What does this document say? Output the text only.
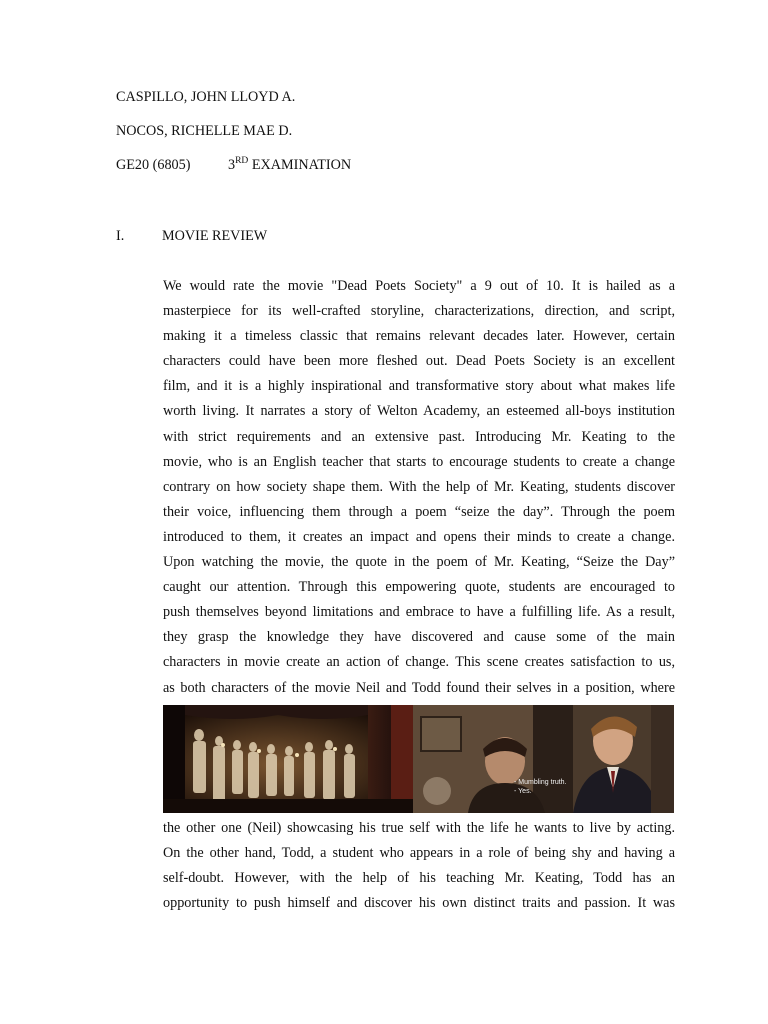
CASPILLO, JOHN LLOYD A.
NOCOS, RICHELLE MAE D.
GE20 (6805)	3RD EXAMINATION
I.	MOVIE REVIEW
We would rate the movie "Dead Poets Society" a 9 out of 10. It is hailed as a
masterpiece for its well-crafted storyline, characterizations, direction, and script,
making it a timeless classic that remains relevant decades later. However, certain
characters could have been more fleshed out. Dead Poets Society is an excellent
film, and it is a highly inspirational and transformative story about what makes life
worth living. It narrates a story of Welton Academy, an esteemed all-boys institution
with strict requirements and an extensive past. Introducing Mr. Keating to the
movie, who is an English teacher that starts to encourage students to create a change
contrary on how society shape them. With the help of Mr. Keating, students discover
their voice, influencing them through a poem “seize the day”. Through the poem
introduced to them, it creates an impact and opens their minds to create a change.
Upon watching the movie, the quote in the poem of Mr. Keating, “Seize the Day”
caught our attention. Through this empowering quote, students are encouraged to
push themselves beyond limitations and embrace to have a fulfilling life. As a result,
they grasp the knowledge they have discovered and cause some of the main
characters in movie create an action of change. This scene creates satisfaction to us,
as both characters of the movie Neil and Todd found their selves in a position, where
- Mumbling truth.
- Yes.
the other one (Neil) showcasing his true self with the life he wants to live by acting.
On the other hand, Todd, a student who appears in a role of being shy and having a
self-doubt. However, with the help of his teaching Mr. Keating, Todd has an
opportunity to push himself and discover his own distinct traits and passion. It was
